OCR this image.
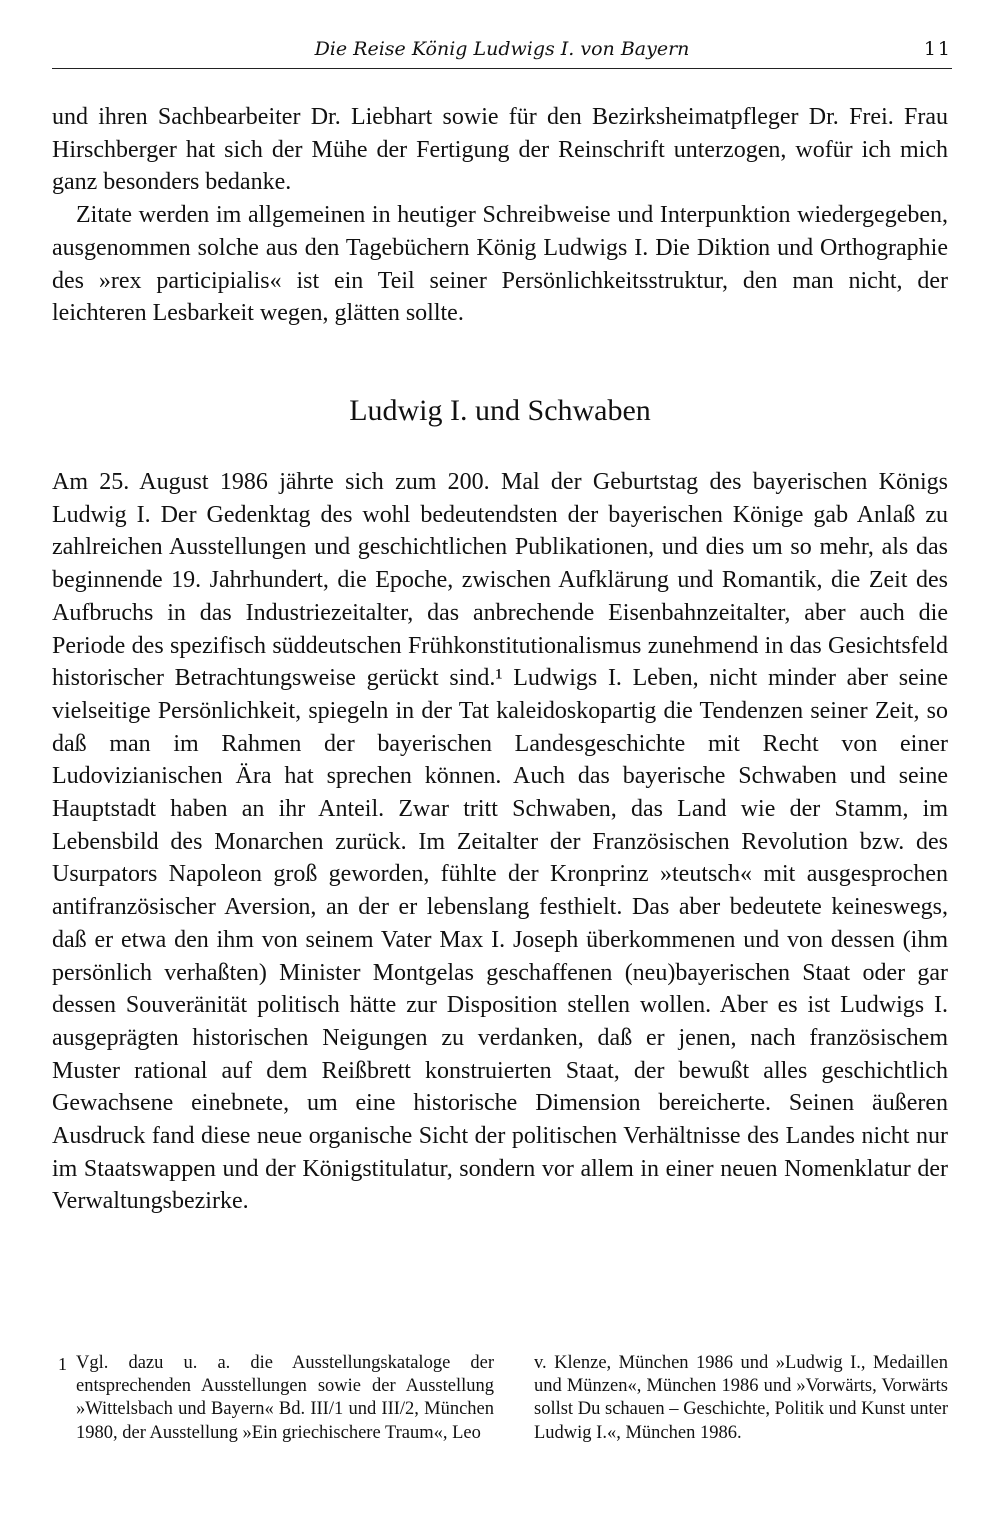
Die Reise König Ludwigs I. von Bayern	11

und ihren Sachbearbeiter Dr. Liebhart sowie für den Bezirksheimatpfleger Dr. Frei. Frau Hirschberger hat sich der Mühe der Fertigung der Reinschrift unterzogen, wofür ich mich ganz besonders bedanke.

Zitate werden im allgemeinen in heutiger Schreibweise und Interpunktion wiedergegeben, ausgenommen solche aus den Tagebüchern König Ludwigs I. Die Diktion und Orthographie des »rex participialis« ist ein Teil seiner Persönlichkeitsstruktur, den man nicht, der leichteren Lesbarkeit wegen, glätten sollte.

Ludwig I. und Schwaben

Am 25. August 1986 jährte sich zum 200. Mal der Geburtstag des bayerischen Königs Ludwig I. Der Gedenktag des wohl bedeutendsten der bayerischen Könige gab Anlaß zu zahlreichen Ausstellungen und geschichtlichen Publikationen, und dies um so mehr, als das beginnende 19. Jahrhundert, die Epoche, zwischen Aufklärung und Romantik, die Zeit des Aufbruchs in das Industriezeitalter, das anbrechende Eisenbahnzeitalter, aber auch die Periode des spezifisch süddeutschen Frühkonstitutionalismus zunehmend in das Gesichtsfeld historischer Betrachtungsweise gerückt sind.¹ Ludwigs I. Leben, nicht minder aber seine vielseitige Persönlichkeit, spiegeln in der Tat kaleidoskopartig die Tendenzen seiner Zeit, so daß man im Rahmen der bayerischen Landesgeschichte mit Recht von einer Ludovizianischen Ära hat sprechen können. Auch das bayerische Schwaben und seine Hauptstadt haben an ihr Anteil. Zwar tritt Schwaben, das Land wie der Stamm, im Lebensbild des Monarchen zurück. Im Zeitalter der Französischen Revolution bzw. des Usurpators Napoleon groß geworden, fühlte der Kronprinz »teutsch« mit ausgesprochen antifranzösischer Aversion, an der er lebenslang festhielt. Das aber bedeutete keineswegs, daß er etwa den ihm von seinem Vater Max I. Joseph überkommenen und von dessen (ihm persönlich verhaßten) Minister Montgelas geschaffenen (neu)bayerischen Staat oder gar dessen Souveränität politisch hätte zur Disposition stellen wollen. Aber es ist Ludwigs I. ausgeprägten historischen Neigungen zu verdanken, daß er jenen, nach französischem Muster rational auf dem Reißbrett konstruierten Staat, der bewußt alles geschichtlich Gewachsene einebnete, um eine historische Dimension bereicherte. Seinen äußeren Ausdruck fand diese neue organische Sicht der politischen Verhältnisse des Landes nicht nur im Staatswappen und der Königstitulatur, sondern vor allem in einer neuen Nomenklatur der Verwaltungsbezirke.

1 Vgl. dazu u. a. die Ausstellungskataloge der entsprechenden Ausstellungen sowie der Ausstellung »Wittelsbach und Bayern« Bd. III/1 und III/2, München 1980, der Ausstellung »Ein griechischere Traum«, Leo

v. Klenze, München 1986 und »Ludwig I., Medaillen und Münzen«, München 1986 und »Vorwärts, Vorwärts sollst Du schauen – Geschichte, Politik und Kunst unter Ludwig I.«, München 1986.
